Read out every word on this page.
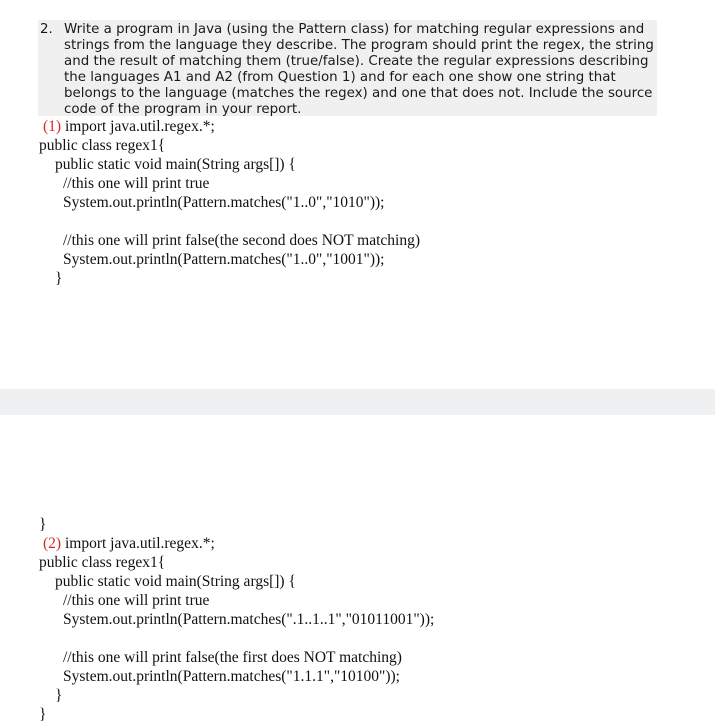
2. Write a program in Java (using the Pattern class) for matching regular expressions and strings from the language they describe. The program should print the regex, the string and the result of matching them (true/false). Create the regular expressions describing the languages A1 and A2 (from Question 1) and for each one show one string that belongs to the language (matches the regex) and one that does not. Include the source code of the program in your report.

(1) import java.util.regex.*;
public class regex1{
public static void main(String args[]) {
//this one will print true
System.out.println(Pattern.matches("1..0","1010"));
//this one will print false(the second does NOT matching)
System.out.println(Pattern.matches("1..0","1001"));
}
}
(2) import java.util.regex.*;
public class regex1{
public static void main(String args[]) {
//this one will print true
System.out.println(Pattern.matches(".1..1..1","01011001"));
//this one will print false(the first does NOT matching)
System.out.println(Pattern.matches("1.1.1","10100"));
}
}
